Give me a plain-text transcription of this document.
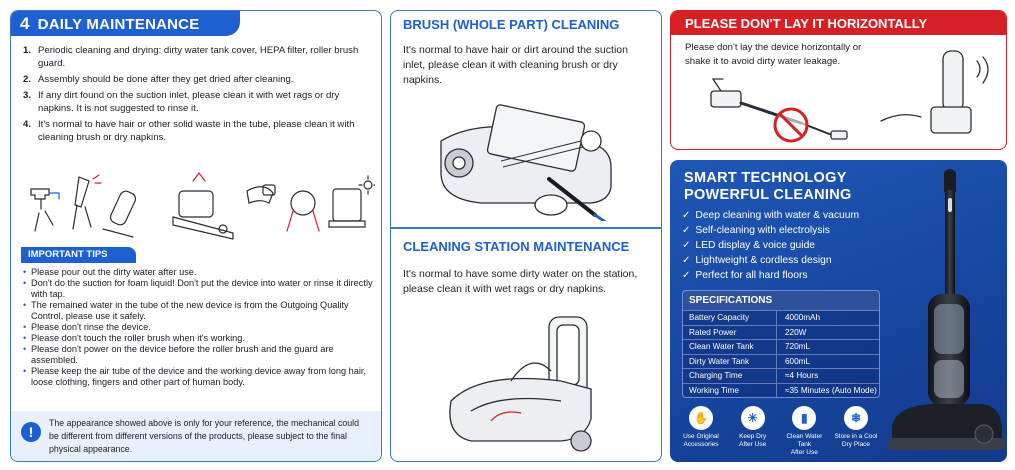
4 DAILY MAINTENANCE
1. Periodic cleaning and drying: dirty water tank cover, HEPA filter, roller brush guard.
2. Assembly should be done after they get dried after cleaning.
3. If any dirt found on the suction inlet, please clean it with wet rags or dry napkins. It is not suggested to rinse it.
4. It's normal to have hair or other solid waste in the tube, please clean it with cleaning brush or dry napkins.
IMPORTANT TIPS
• Please pour out the dirty water after use.
• Don't do the suction for foam liquid! Don't put the device into water or rinse it directly with tap.
• The remained water in the tube of the new device is from the Outgoing Quality Control, please use it safely.
• Please don't rinse the device.
• Please don't touch the roller brush when it's working.
• Please don't power on the device before the roller brush and the guard are assembled.
• Please keep the air tube of the device and the working device away from long hair, loose clothing, fingers and other part of human body.
!
The appearance showed above is only for your reference, the mechanical could be different from different versions of the products, please subject to the final physical appearance.
BRUSH (WHOLE PART) CLEANING
It's normal to have hair or dirt around the suction inlet, please clean it with cleaning brush or dry napkins.
CLEANING STATION MAINTENANCE
It's normal to have some dirty water on the station, please clean it with wet rags or dry napkins.
PLEASE DON'T LAY IT HORIZONTALLY
Please don't lay the device horizontally or shake it to avoid dirty water leakage.
SMART TECHNOLOGY
POWERFUL CLEANING
✓ Deep cleaning with water & vacuum
✓ Self-cleaning with electrolysis
✓ LED display & voice guide
✓ Lightweight & cordless design
✓ Perfect for all hard floors
SPECIFICATIONS
Battery Capacity	4000mAh
Rated Power	220W
Clean Water Tank	720mL
Dirty Water Tank	600mL
Charging Time	≈4 Hours
Working Time	≈35 Minutes (Auto Mode)
✋
Use Original
Accessories
☀
Keep Dry
After Use
▮
Clean Water Tank
After Use
❄
Store in a Cool
Dry Place
